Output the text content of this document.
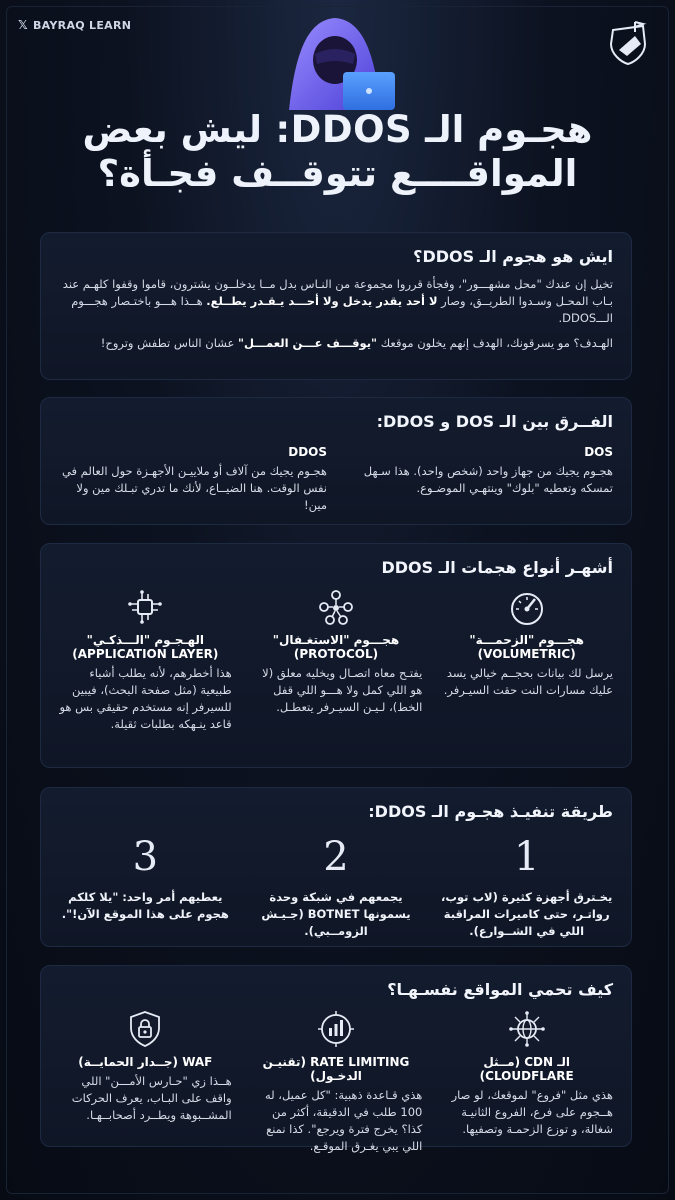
𝕏 BAYRAQ LEARN
هجـوم الـ DDOS: ليش بعض
المواقــــع تتوقــف فجـأة؟
ايش هو هجوم الـ DDOS؟

تخيل إن عندك "محل مشهـــور"، وفجأة قرروا مجموعة من النـاس بدل مــا يدخلــون يشترون، قاموا وقفوا كلهـم عند بـاب المحـل وسـدوا الطريــق، وصار لا أحد يقدر يدخل ولا أحـــد يـقـدر يطــلع. هــذا هـــو باختـصار هجـــوم الـــDDOS.

الهـدف؟ مو يسرقونك، الهدف إنهم يخلون موقعك "يوقـــف عـــن العمـــل" عشان الناس تطفش وتروح!

الفــرق بين الـ DOS و DDOS:
DOS

هجـوم يجيك من جهاز واحد (شخص واحد). هذا سـهل تمسكه وتعطيه "بلوك" وينتهـي الموضـوع.

DDOS

هجـوم يجيك من آلاف أو ملاييـن الأجهـزة حول العالم في نفس الوقت. هنا الضيــاع، لأنك ما تدري تبـلك مين ولا مين!

أشهـر أنواع هجمات الـ DDOS
هجـــوم "الزحمـــة" (VOLUMETRIC)

يرسل لك بيانات بحجــم خيالي يسد عليك مسارات النت حقت السيـرفر.

هجـــوم "الاستغـفال" (PROTOCOL)

يفتـح معاه اتصـال ويخليه معلق (لا هو اللي كمل ولا هـــو اللي قفل الخط)، لـيـن السيـرفر يتعطـل.

الهـجـوم "الـــذكـي" (APPLICATION LAYER)

هذا أخطرهم، لأنه يطلب أشياء طبيعية (مثل صفحة البحث)، فيبين للسيرفر إنه مستخدم حقيقي بس هو قاعد ينـهكه بطلبات ثقيلة.

طريقة تنفيـذ هجـوم الـ DDOS:
1

يخـترق أجهزة كثيرة (لاب توب، رواتـر، حتى كاميرات المراقبة اللي في الشــوارع).

2

يجمعهم في شبكة وحدة يسمونها BOTNET (جـيـش الزومــبي).

3

يعطيهم أمر واحد: "يلا كلكم هجوم على هذا الموقع الآن!".

كيف تحمي المواقع نفسـهـا؟
الـ CDN (مــثل CLOUDFLARE)

هذي مثل "فروع" لموقعك، لو صار هــجوم على فرع، الفروع الثانيـة شغالة، و توزع الزحمـة وتصفيها.

RATE LIMITING (تقنيـن الدخـول)

هذي قـاعدة ذهبية: "كل عميل، له 100 طلب في الدقيقة، أكثر من كذا؟ يخرج فترة ويرجع". كذا نمنع اللي يبي يغـرق الموقـع.

WAF (جــدار الحمايــة)

هــذا زي "حـارس الأمـــن" اللي واقف على البـاب، يعرف الحركات المشــبوهة ويطــرد أصحابــهـا.
